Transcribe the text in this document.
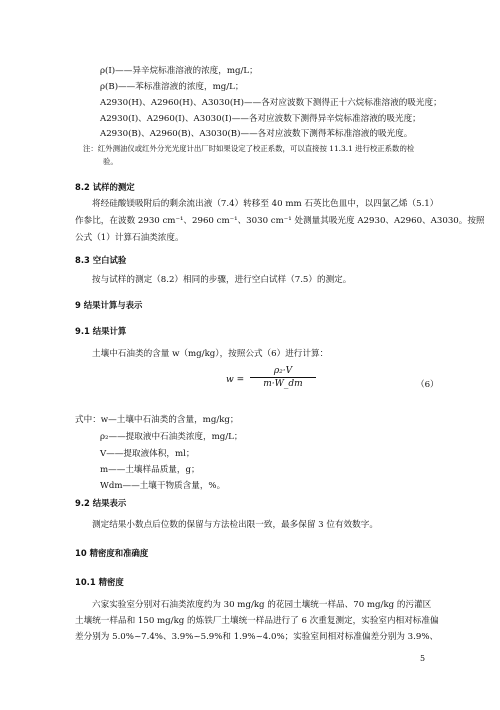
ρ(I)——异辛烷标准溶液的浓度，mg/L；
ρ(B)——苯标准溶液的浓度，mg/L；
A2930(H)、A2960(H)、A3030(H)——各对应波数下测得正十六烷标准溶液的吸光度；
A2930(I)、A2960(I)、A3030(I)——各对应波数下测得异辛烷标准溶液的吸光度；
A2930(B)、A2960(B)、A3030(B)——各对应波数下测得苯标准溶液的吸光度。
注：红外测油仪或红外分光光度计出厂时如果设定了校正系数，可以直接按 11.3.1 进行校正系数的检
验。
8.2 试样的测定
将经硅酸镁吸附后的剩余流出液（7.4）转移至 40 mm 石英比色皿中，以四氯乙烯（5.1）
作参比，在波数 2930 cm⁻¹、2960 cm⁻¹、3030 cm⁻¹ 处测量其吸光度 A2930、A2960、A3030。按照
公式（1）计算石油类浓度。
8.3 空白试验
按与试样的测定（8.2）相同的步骤，进行空白试样（7.5）的测定。
9 结果计算与表示
9.1 结果计算
土壤中石油类的含量 w（mg/kg），按照公式（6）进行计算：
$w = \frac{\text{ρ₂·V}}{m\cdot W\_dm}$	（6）
式中：w—土壤中石油类的含量，mg/kg；
ρ₂——提取液中石油类浓度，mg/L；
V——提取液体积，ml；
m——土壤样品质量，g；
Wdm——土壤干物质含量，%。
9.2 结果表示
测定结果小数点后位数的保留与方法检出限一致，最多保留 3 位有效数字。
10 精密度和准确度
10.1 精密度
六家实验室分别对石油类浓度约为 30 mg/kg 的花园土壤统一样品、70 mg/kg 的污灌区
土壤统一样品和 150 mg/kg 的炼铁厂土壤统一样品进行了 6 次重复测定，实验室内相对标准偏
差分别为 5.0%~7.4%、3.9%~5.9%和 1.9%~4.0%；实验室间相对标准偏差分别为 3.9%、
5
